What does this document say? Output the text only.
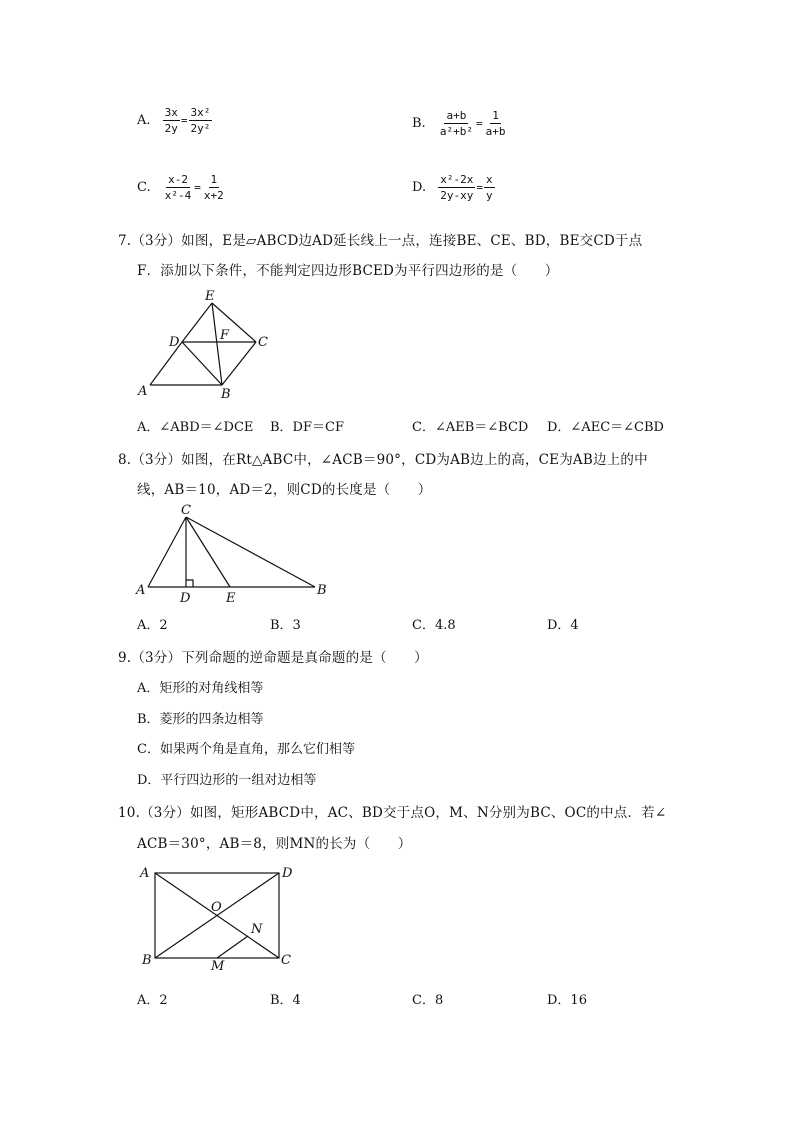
A. $\frac{3x}{2y} = \frac{\text{3x²}}{\text{2y²}}$	B. $\frac{a+b}{\text{a²+b²}} = \frac{1}{a+b}$
C. $\frac{x-2}{\text{x²-4}} = \frac{1}{x+2}$	D. $\frac{\text{x²-2x}}{2y-xy} = \frac{x}{y}$
7.（3分）如图，E是▱ABCD边AD延长线上一点，连接BE、CE、BD，BE交CD于点
F．添加以下条件，不能判定四边形BCED为平行四边形的是（　　）
E
D	F C
A	B
A．∠ABD＝∠DCE B．DF＝CF	C．∠AEB＝∠BCD D．∠AEC＝∠CBD
8.（3分）如图，在Rt△ABC中，∠ACB＝90°，CD为AB边上的高，CE为AB边上的中
线，AB＝10，AD＝2，则CD的长度是（　　）
C
A
D	E
B
A．2	B．3	C．4.8	D．4
9.（3分）下列命题的逆命题是真命题的是（　　）
A．矩形的对角线相等
B．菱形的四条边相等
C．如果两个角是直角，那么它们相等
D．平行四边形的一组对边相等
10.（3分）如图，矩形ABCD中，AC、BD交于点O，M、N分别为BC、OC的中点．若∠
ACB＝30°，AB＝8，则MN的长为（　　）
A	D
O
N
B	M	C
A．2	B．4	C．8	D．16
